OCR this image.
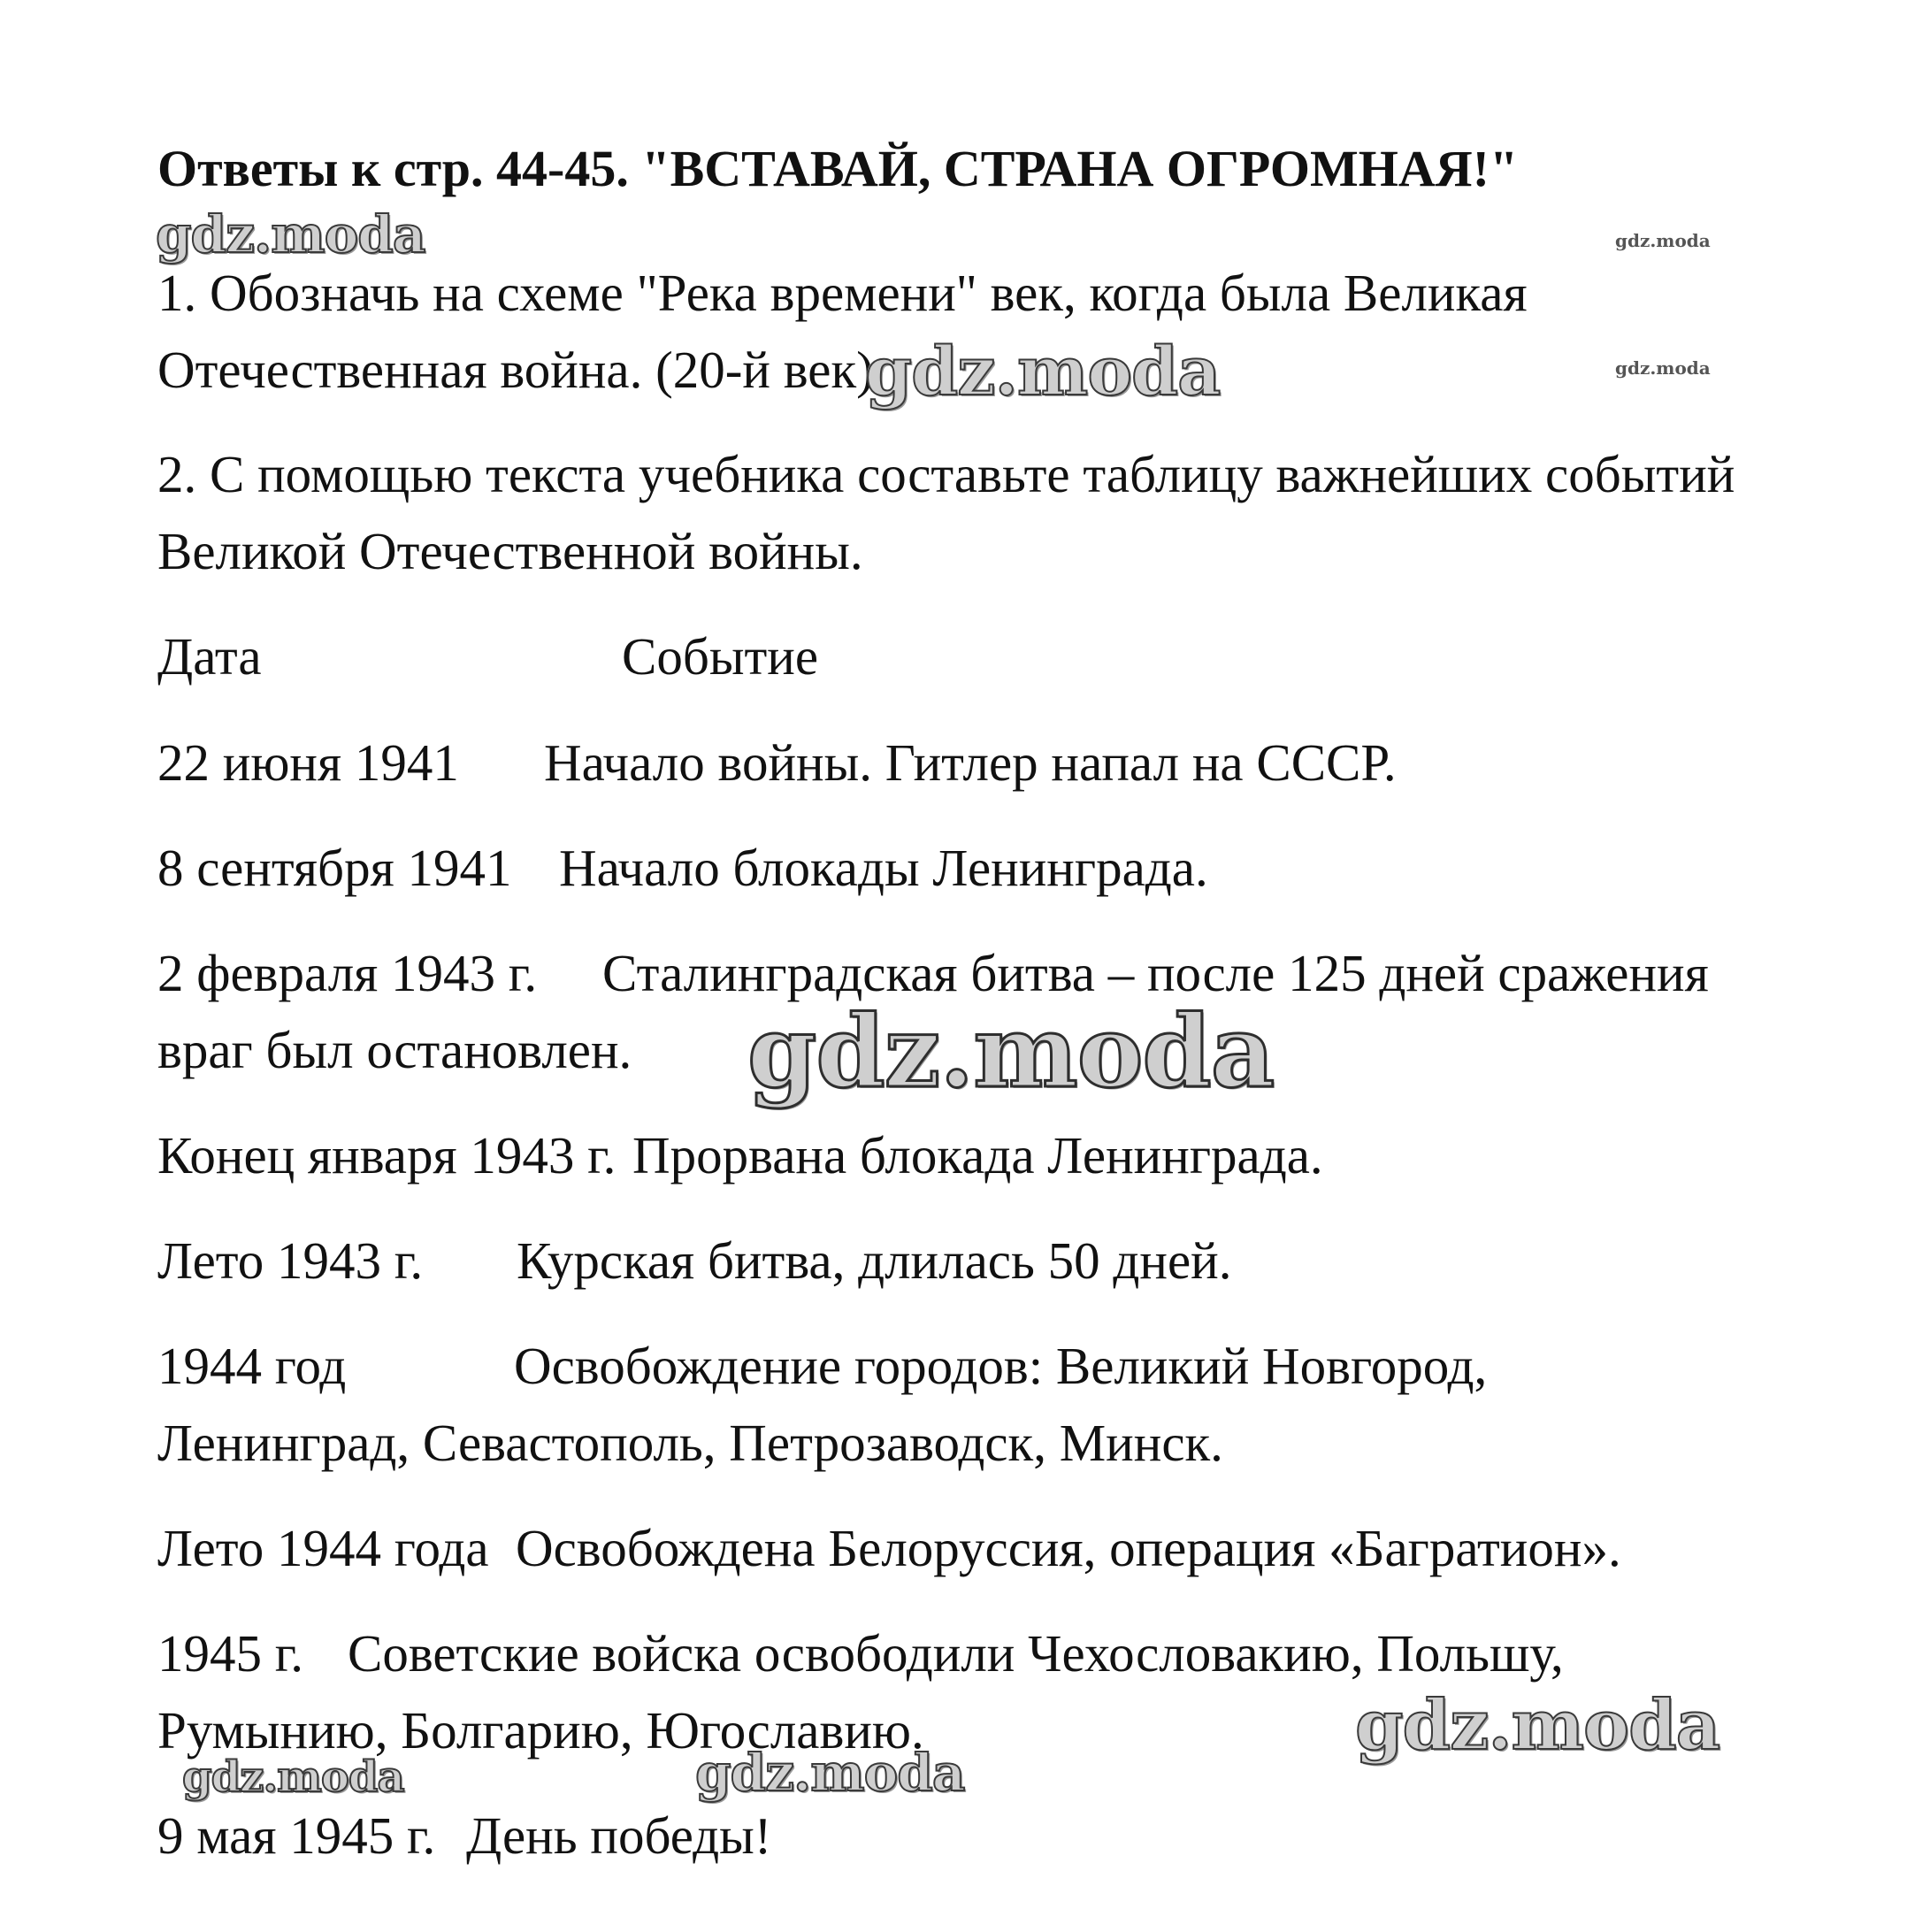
Ответы к стр. 44-45. "ВСТАВАЙ, СТРАНА ОГРОМНАЯ!"
1. Обозначь на схеме "Река времени" век, когда была Великая
Отечественная война. (20-й век)
2. С помощью текста учебника составьте таблицу важнейших событий
Великой Отечественной войны.
Дата	Событие
22 июня 1941 Начало войны. Гитлер напал на СССР.
8 сентября 1941 Начало блокады Ленинграда.
2 февраля 1943 г. Сталинградская битва – после 125 дней сражения
враг был остановлен.
Конец января 1943 г. Прорвана блокада Ленинграда.
Лето 1943 г. Курская битва, длилась 50 дней.
1944 год	Освобождение городов: Великий Новгород,
Ленинград, Севастополь, Петрозаводск, Минск.
Лето 1944 года Освобождена Белоруссия, операция «Багратион».
1945 г. Советские войска освободили Чехословакию, Польшу,
Румынию, Болгарию, Югославию.
9 мая 1945 г. День победы!
gdz.moda	gdz.moda
gdz.moda	gdz.moda
gdz.moda
gdz.moda
gdz.moda	gdz.moda
